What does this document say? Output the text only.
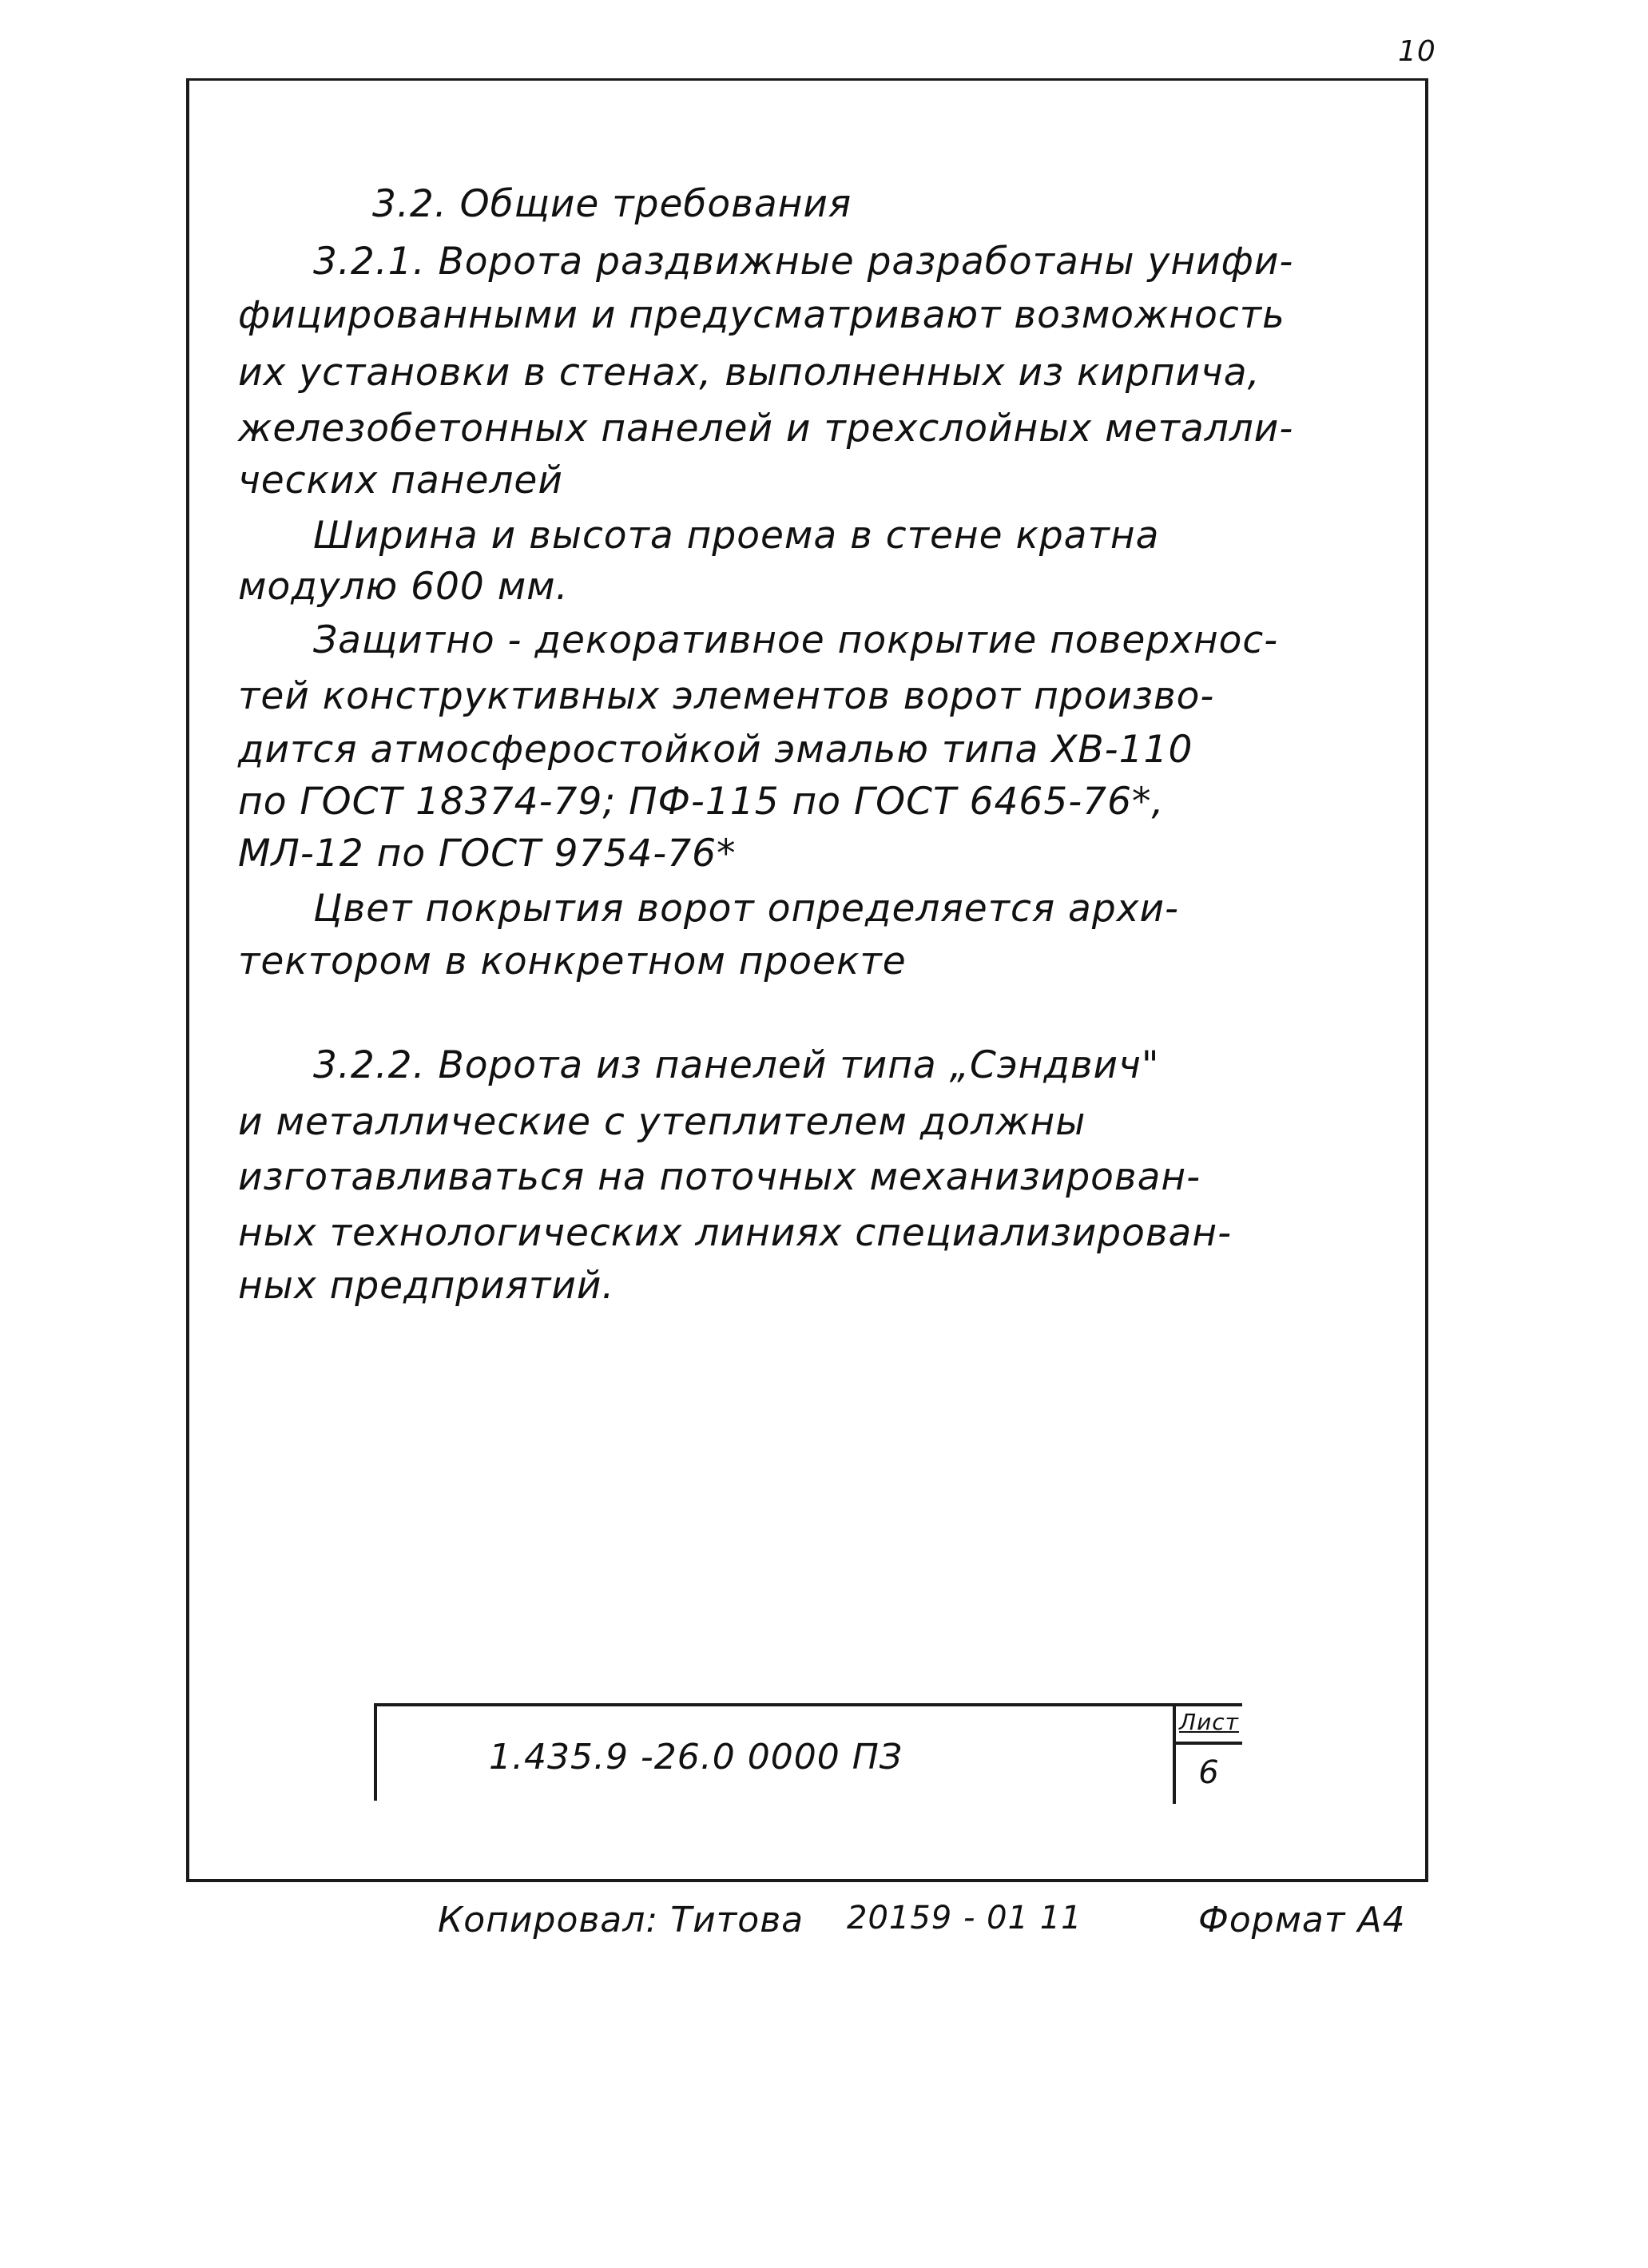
10
3.2. Общие требования
3.2.1. Ворота раздвижные разработаны унифи-
фицированными и предусматривают возможность
их установки в стенах, выполненных из кирпича,
железобетонных панелей и трехслойных металли-
ческих панелей
Ширина и высота проема в стене кратна
модулю 600 мм.
Защитно - декоративное покрытие поверхнос-
тей конструктивных элементов ворот произво-
дится атмосферостойкой эмалью типа ХВ-110
по ГОСТ 18374-79; ПФ-115 по ГОСТ 6465-76*,
МЛ-12 по ГОСТ 9754-76*
Цвет покрытия ворот определяется архи-
тектором в конкретном проекте
3.2.2. Ворота из панелей типа „Сэндвич"
и металлические с утеплителем должны
изготавливаться на поточных механизирован-
ных технологических линиях специализирован-
ных предприятий.
1.435.9 -26.0 0000 ПЗ
Лист
6
Копировал: Титова 20159 - 01 11	Формат А4
